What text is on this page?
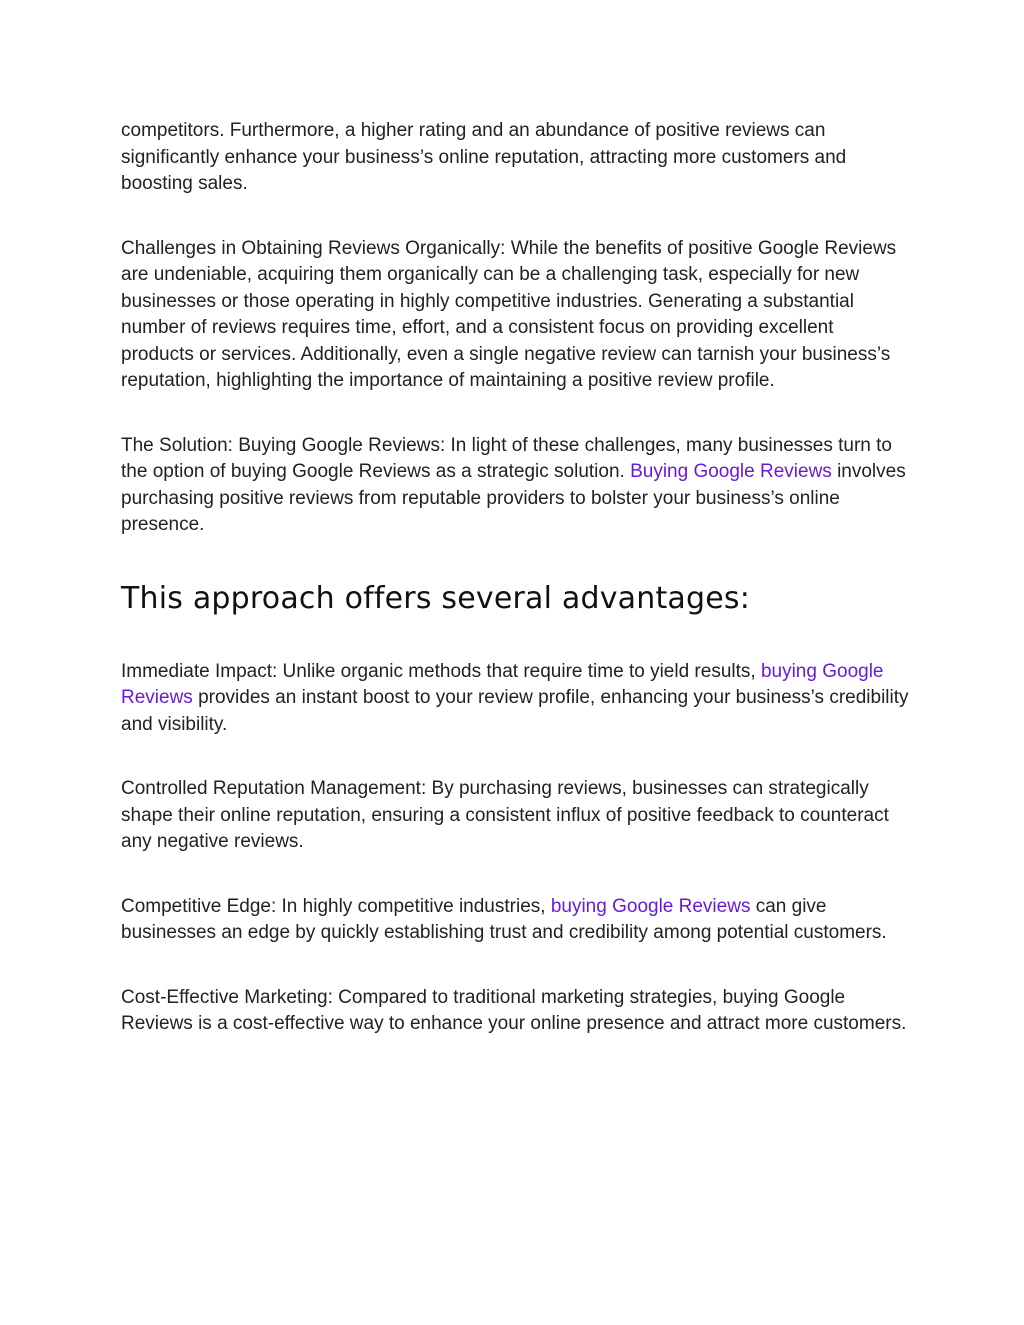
competitors. Furthermore, a higher rating and an abundance of positive reviews can significantly enhance your business’s online reputation, attracting more customers and boosting sales.

Challenges in Obtaining Reviews Organically: While the benefits of positive Google Reviews are undeniable, acquiring them organically can be a challenging task, especially for new businesses or those operating in highly competitive industries. Generating a substantial number of reviews requires time, effort, and a consistent focus on providing excellent products or services. Additionally, even a single negative review can tarnish your business’s reputation, highlighting the importance of maintaining a positive review profile.

The Solution: Buying Google Reviews: In light of these challenges, many businesses turn to the option of buying Google Reviews as a strategic solution. Buying Google Reviews involves purchasing positive reviews from reputable providers to bolster your business’s online presence.

This approach offers several advantages:

Immediate Impact: Unlike organic methods that require time to yield results, buying Google Reviews provides an instant boost to your review profile, enhancing your business’s credibility and visibility.

Controlled Reputation Management: By purchasing reviews, businesses can strategically shape their online reputation, ensuring a consistent influx of positive feedback to counteract any negative reviews.

Competitive Edge: In highly competitive industries, buying Google Reviews can give businesses an edge by quickly establishing trust and credibility among potential customers.

Cost-Effective Marketing: Compared to traditional marketing strategies, buying Google Reviews is a cost-effective way to enhance your online presence and attract more customers.
